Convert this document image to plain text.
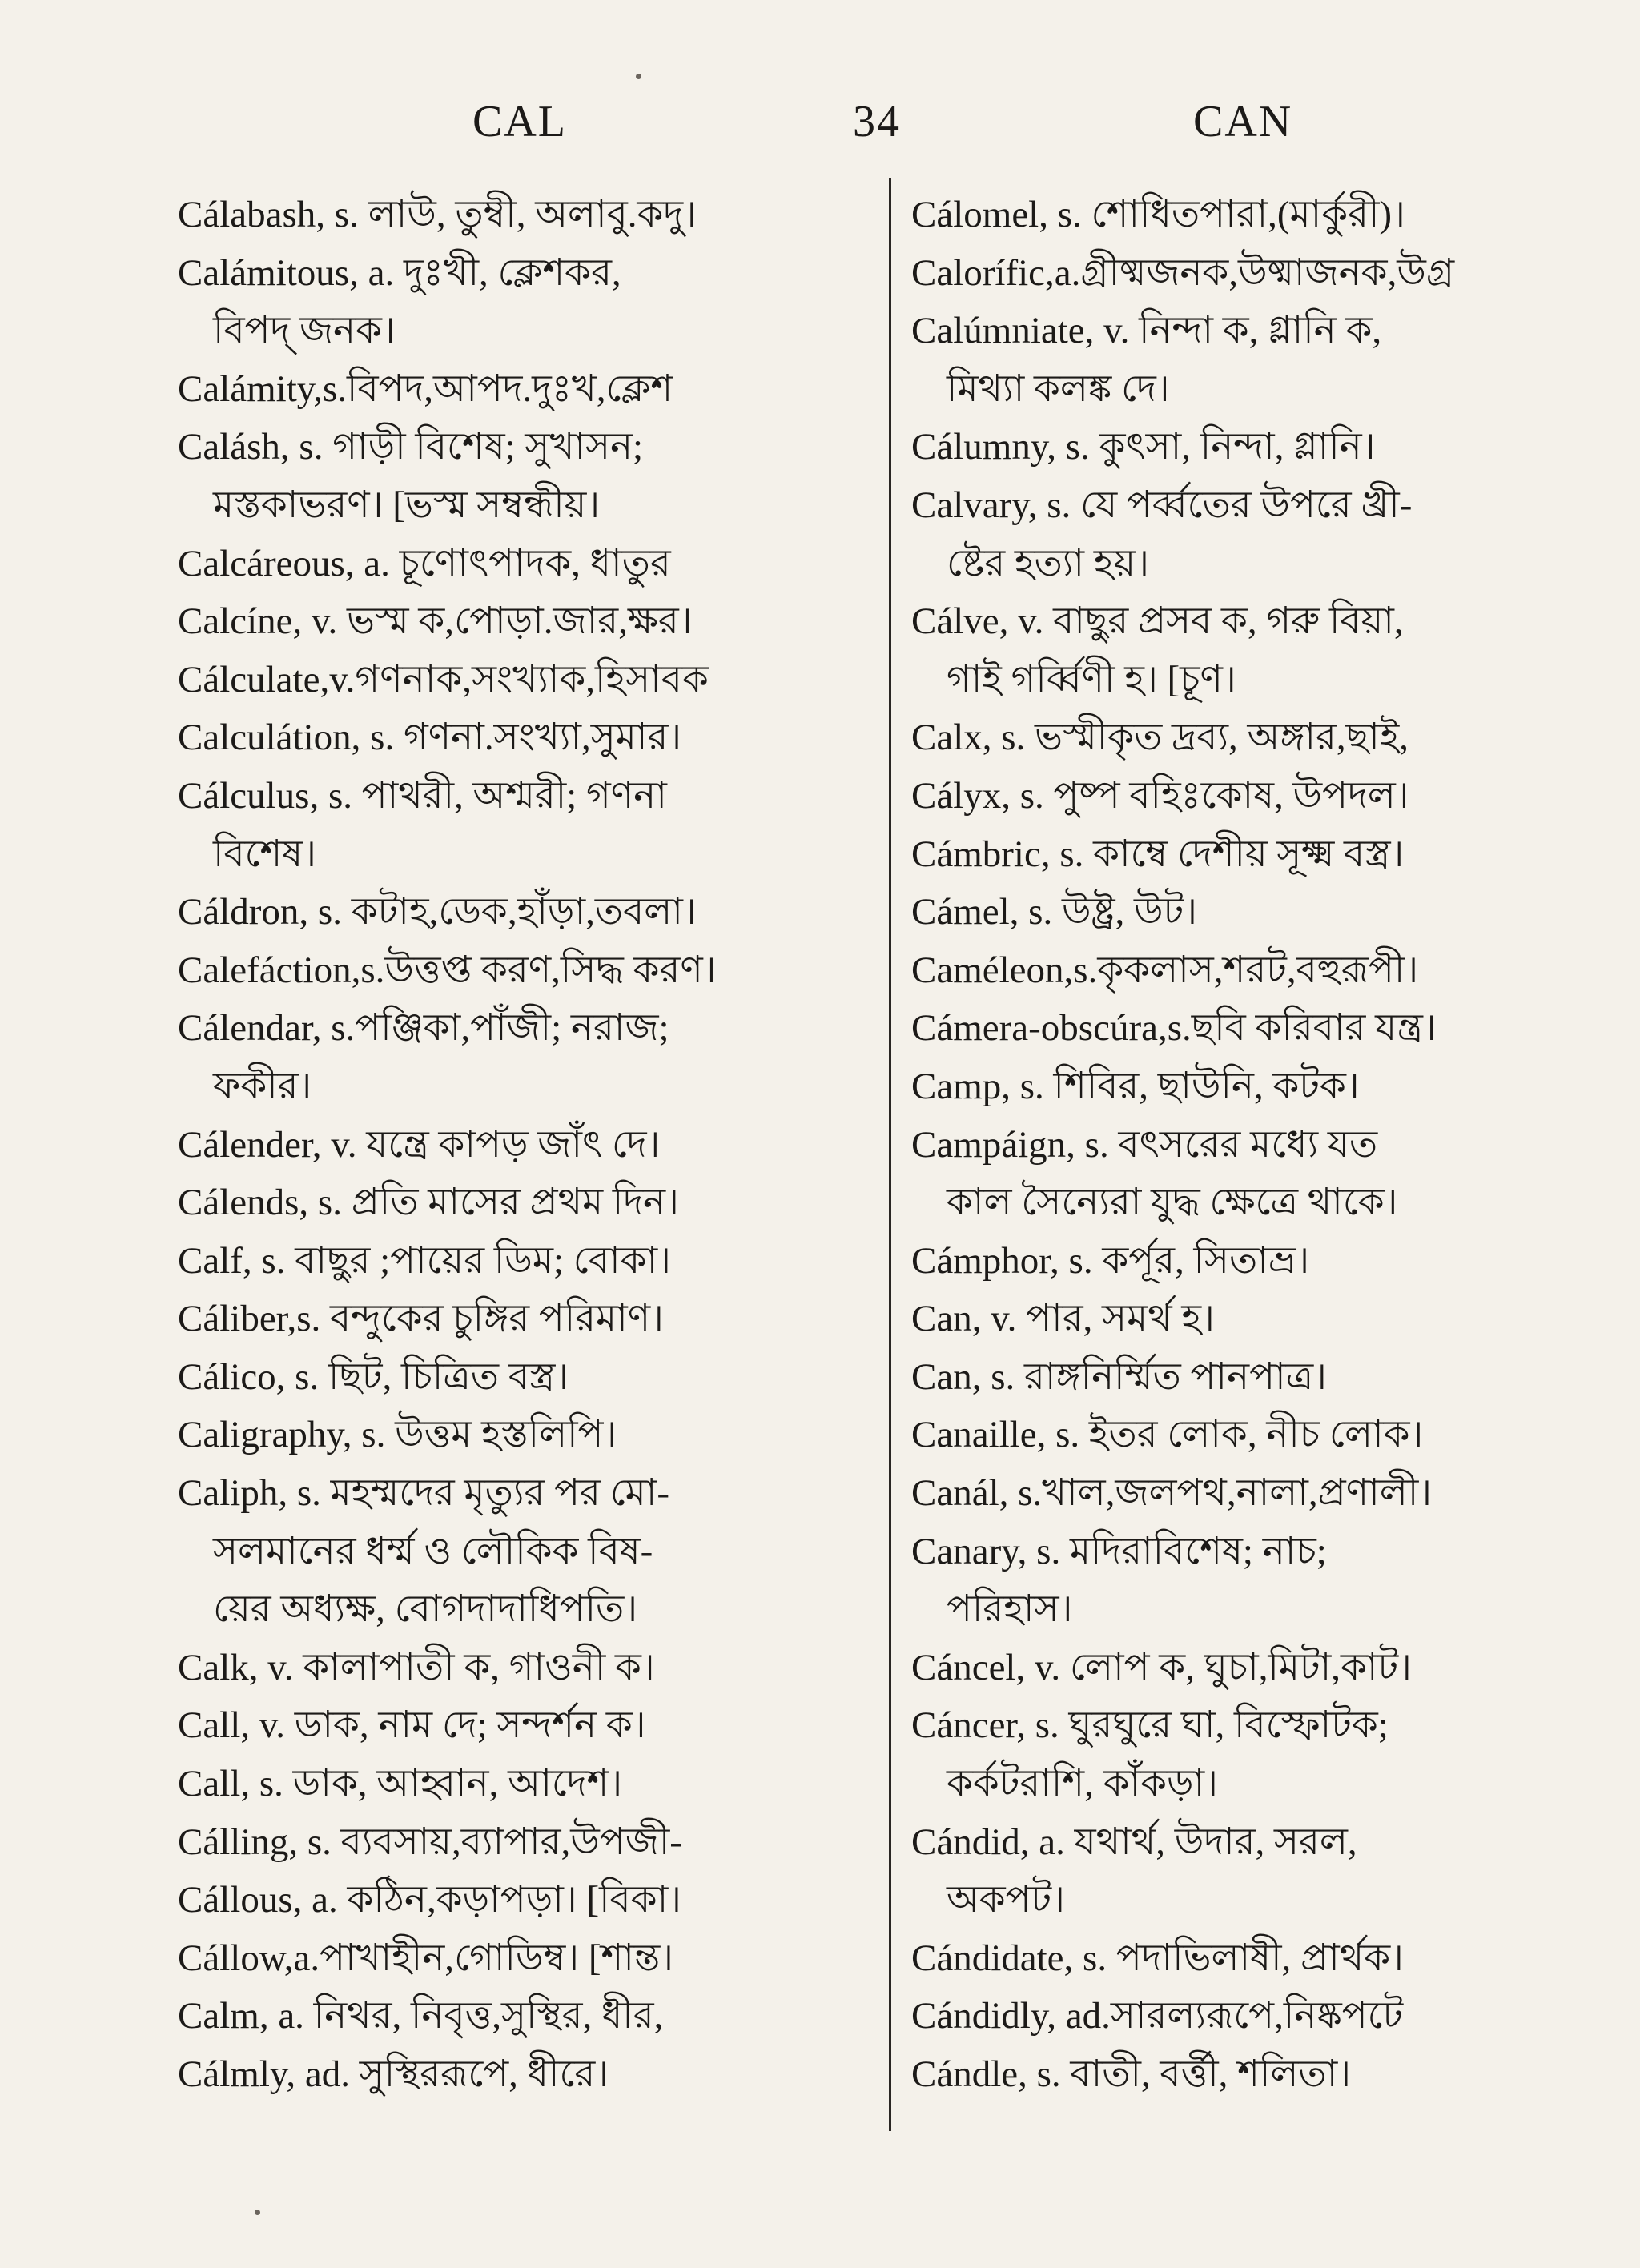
CAL	34	CAN
Cálabash, s. লাউ, তুম্বী, অলাবু.কদু।
Calámitous, a. দুঃখী, ক্লেশকর,
বিপদ্ জনক।
Calámity,s.বিপদ,আপদ.দুঃখ,ক্লেশ
Calásh, s. গাড়ী বিশেষ; সুখাসন;
মস্তকাভরণ। [ভস্ম সম্বন্ধীয়।
Calcáreous, a. চূণোৎপাদক, ধাতুর
Calcíne, v. ভস্ম ক,পোড়া.জার,ক্ষর।
Cálculate,v.গণনাক,সংখ্যাক,হিসাবক
Calculátion, s. গণনা.সংখ্যা,সুমার।
Cálculus, s. পাথরী, অশ্মরী; গণনা
বিশেষ।
Cáldron, s. কটাহ,ডেক,হাঁড়া,তবলা।
Calefáction,s.উত্তপ্ত করণ,সিদ্ধ করণ।
Cálendar, s.পঞ্জিকা,পাঁজী; নরাজ;
ফকীর।
Cálender, v. যন্ত্রে কাপড় জাঁৎ দে।
Cálends, s. প্রতি মাসের প্রথম দিন।
Calf, s. বাছুর ;পায়ের ডিম; বোকা।
Cáliber,s. বন্দুকের চুঙ্গির পরিমাণ।
Cálico, s. ছিট, চিত্রিত বস্ত্র।
Caligraphy, s. উত্তম হস্তলিপি।
Caliph, s. মহম্মদের মৃত্যুর পর মো-
সলমানের ধর্ম্ম ও লৌকিক বিষ-
য়ের অধ্যক্ষ, বোগদাদাধিপতি।
Calk, v. কালাপাতী ক, গাওনী ক।
Call, v. ডাক, নাম দে; সন্দর্শন ক।
Call, s. ডাক, আহ্বান, আদেশ।
Cálling, s. ব্যবসায়,ব্যাপার,উপজী-
Cállous, a. কঠিন,কড়াপড়া। [বিকা।
Cállow,a.পাখাহীন,গোডিম্ব। [শান্ত।
Calm, a. নিথর, নিবৃত্ত,সুস্থির, ধীর,
Cálmly, ad. সুস্থিররূপে, ধীরে।
Cálomel, s. শোধিতপারা,(মার্কুরী)।
Calorífic,a.গ্রীষ্মজনক,উষ্মাজনক,উগ্র
Calúmniate, v. নিন্দা ক, গ্লানি ক,
মিথ্যা কলঙ্ক দে।
Cálumny, s. কুৎসা, নিন্দা, গ্লানি।
Calvary, s. যে পর্ব্বতের উপরে খ্রী-
ষ্টের হত্যা হয়।
Cálve, v. বাছুর প্রসব ক, গরু বিয়া,
গাই গর্ব্বিণী হ। [চূণ।
Calx, s. ভস্মীকৃত দ্রব্য, অঙ্গার,ছাই,
Cályx, s. পুষ্প বহিঃকোষ, উপদল।
Cámbric, s. কাম্বে দেশীয় সূক্ষ্ম বস্ত্র।
Cámel, s. উষ্ট্র, উট।
Caméleon,s.কৃকলাস,শরট,বহুরূপী।
Cámera-obscúra,s.ছবি করিবার যন্ত্র।
Camp, s. শিবির, ছাউনি, কটক।
Campáign, s. বৎসরের মধ্যে যত
কাল সৈন্যেরা যুদ্ধ ক্ষেত্রে থাকে।
Cámphor, s. কর্পূর, সিতাভ্র।
Can, v. পার, সমর্থ হ।
Can, s. রাঙ্গনির্ম্মিত পানপাত্র।
Canaille, s. ইতর লোক, নীচ লোক।
Canál, s.খাল,জলপথ,নালা,প্রণালী।
Canary, s. মদিরাবিশেষ; নাচ;
পরিহাস।
Cáncel, v. লোপ ক, ঘুচা,মিটা,কাট।
Cáncer, s. ঘুরঘুরে ঘা, বিস্ফোটক;
কর্কটরাশি, কাঁকড়া।
Cándid, a. যথার্থ, উদার, সরল,
অকপট।
Cándidate, s. পদাভিলাষী, প্রার্থক।
Cándidly, ad.সারল্যরূপে,নিষ্কপটে
Cándle, s. বাতী, বর্ত্তী, শলিতা।
